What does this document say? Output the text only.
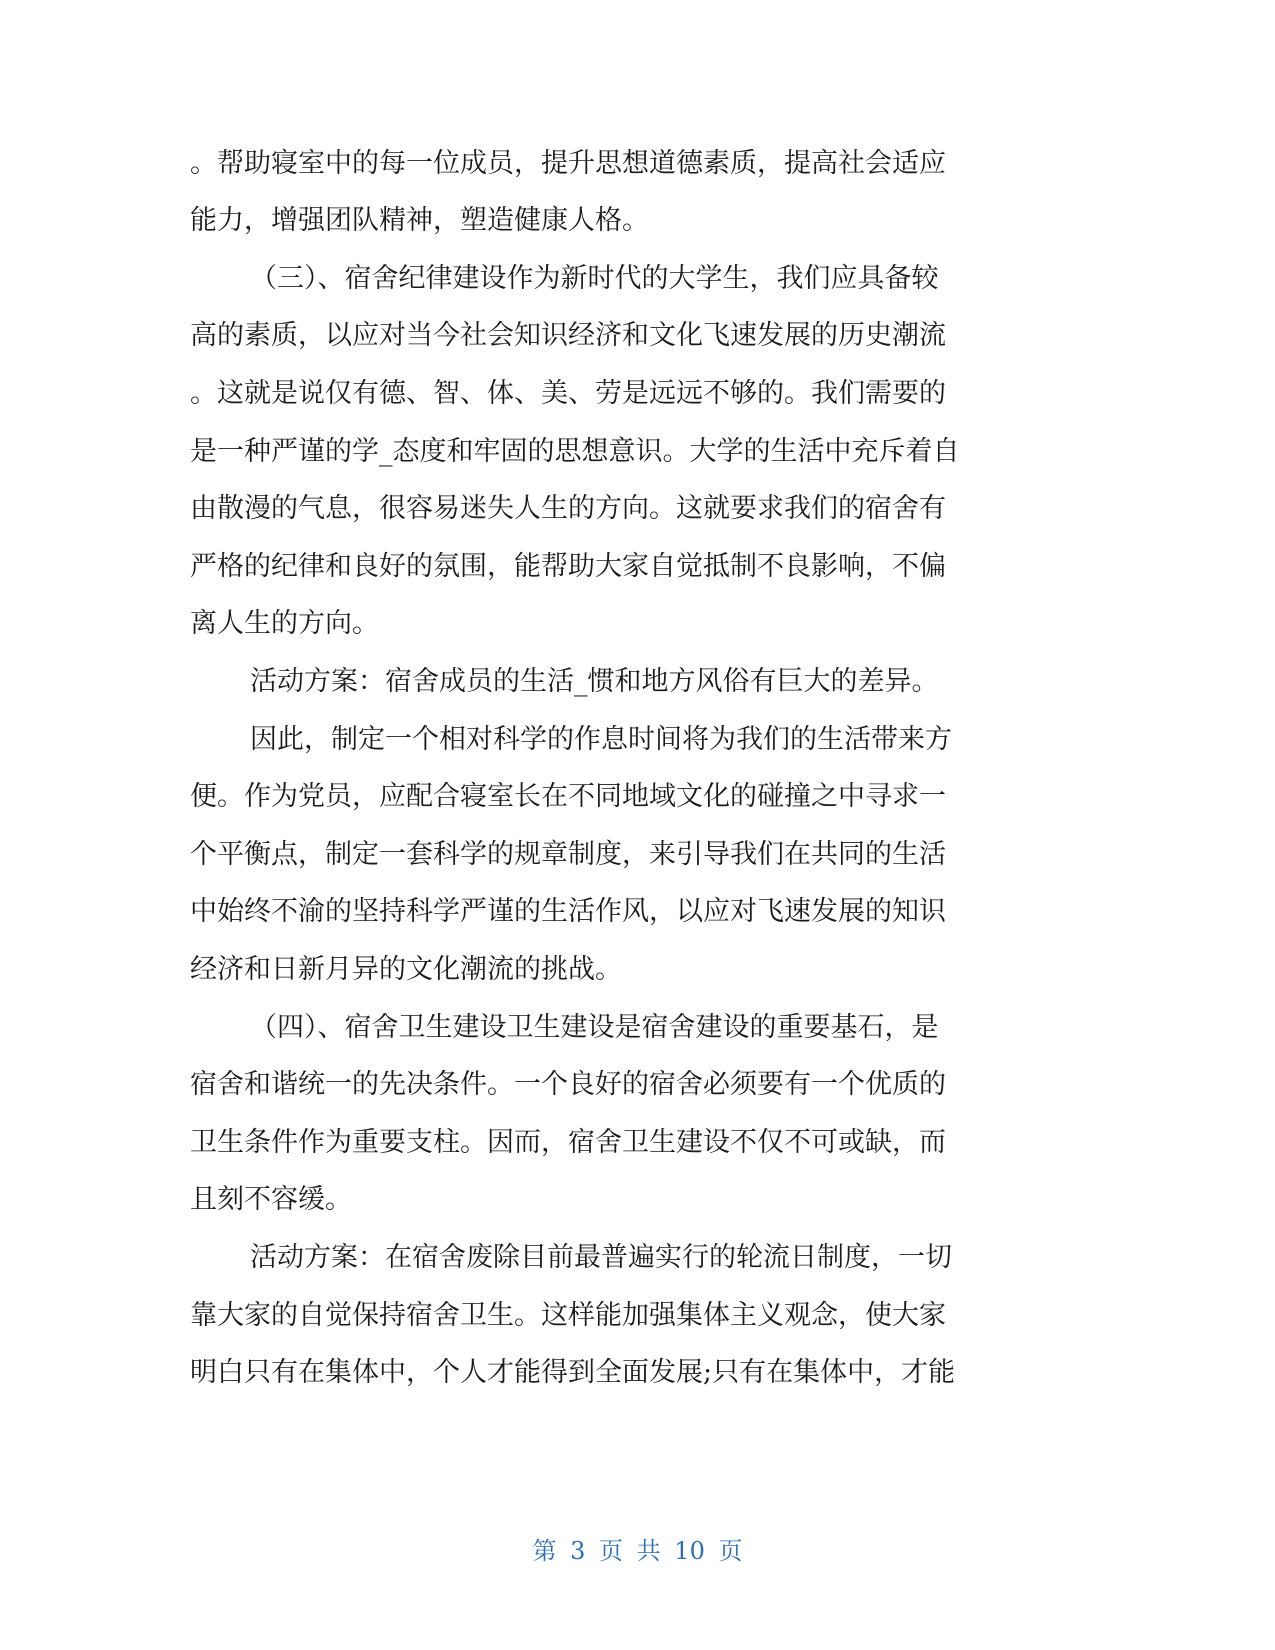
。帮助寝室中的每一位成员，提升思想道德素质，提高社会适应

能力，增强团队精神，塑造健康人格。

（三）、宿舍纪律建设作为新时代的大学生，我们应具备较

高的素质，以应对当今社会知识经济和文化飞速发展的历史潮流

。这就是说仅有德、智、体、美、劳是远远不够的。我们需要的

是一种严谨的学_态度和牢固的思想意识。大学的生活中充斥着自

由散漫的气息，很容易迷失人生的方向。这就要求我们的宿舍有

严格的纪律和良好的氛围，能帮助大家自觉抵制不良影响，不偏

离人生的方向。

活动方案：宿舍成员的生活_惯和地方风俗有巨大的差异。

因此，制定一个相对科学的作息时间将为我们的生活带来方

便。作为党员，应配合寝室长在不同地域文化的碰撞之中寻求一

个平衡点，制定一套科学的规章制度，来引导我们在共同的生活

中始终不渝的坚持科学严谨的生活作风，以应对飞速发展的知识

经济和日新月异的文化潮流的挑战。

（四）、宿舍卫生建设卫生建设是宿舍建设的重要基石，是

宿舍和谐统一的先决条件。一个良好的宿舍必须要有一个优质的

卫生条件作为重要支柱。因而，宿舍卫生建设不仅不可或缺，而

且刻不容缓。

活动方案：在宿舍废除目前最普遍实行的轮流日制度，一切

靠大家的自觉保持宿舍卫生。这样能加强集体主义观念，使大家

明白只有在集体中，个人才能得到全面发展;只有在集体中，才能

第 3 页 共 10 页
